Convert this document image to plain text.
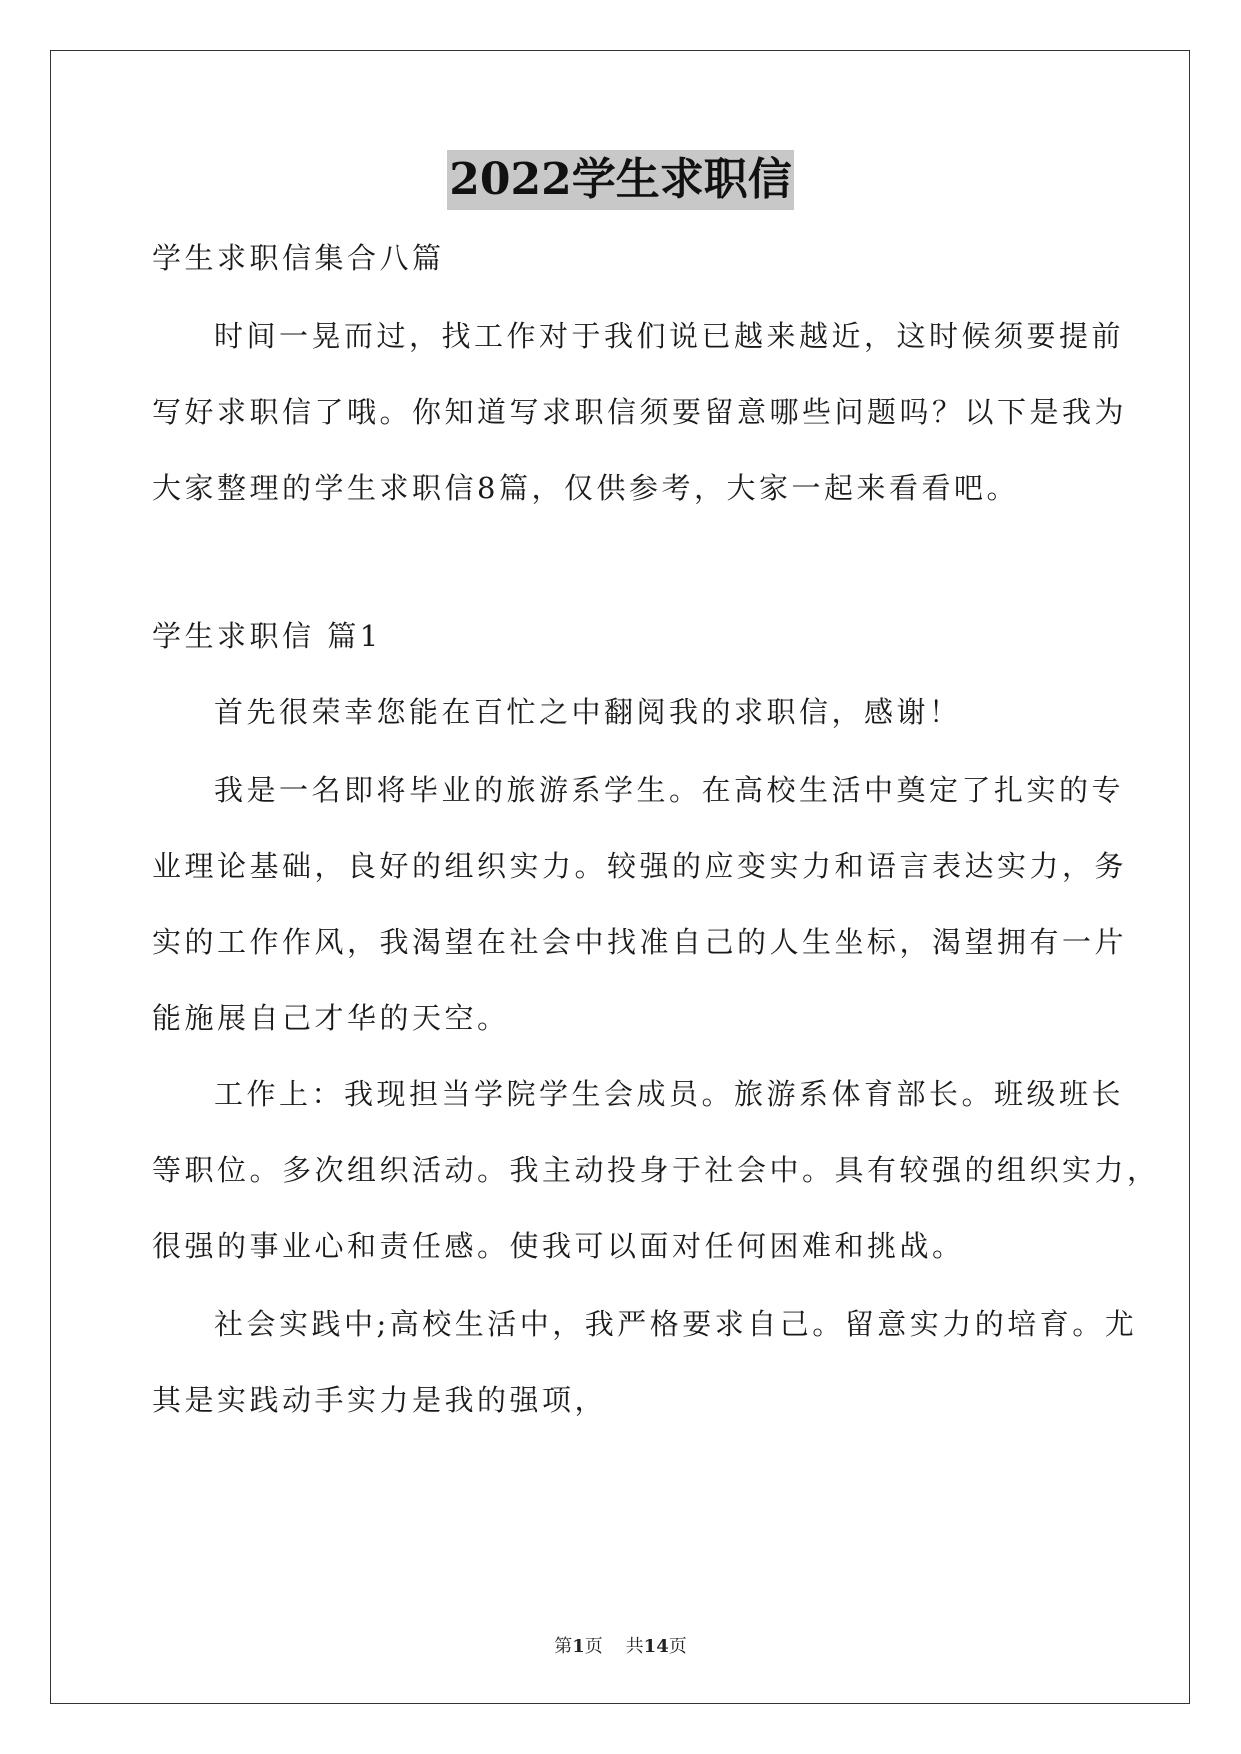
2022学生求职信
学生求职信集合八篇
时间一晃而过，找工作对于我们说已越来越近，这时候须要提前
写好求职信了哦。你知道写求职信须要留意哪些问题吗？以下是我为
大家整理的学生求职信8篇，仅供参考，大家一起来看看吧。
学生求职信 篇1
首先很荣幸您能在百忙之中翻阅我的求职信，感谢！
我是一名即将毕业的旅游系学生。在高校生活中奠定了扎实的专
业理论基础，良好的组织实力。较强的应变实力和语言表达实力，务
实的工作作风，我渴望在社会中找准自己的人生坐标，渴望拥有一片
能施展自己才华的天空。
工作上：我现担当学院学生会成员。旅游系体育部长。班级班长
等职位。多次组织活动。我主动投身于社会中。具有较强的组织实力，
很强的事业心和责任感。使我可以面对任何困难和挑战。
社会实践中;高校生活中，我严格要求自己。留意实力的培育。尤
其是实践动手实力是我的强项，
第1页 共14页
